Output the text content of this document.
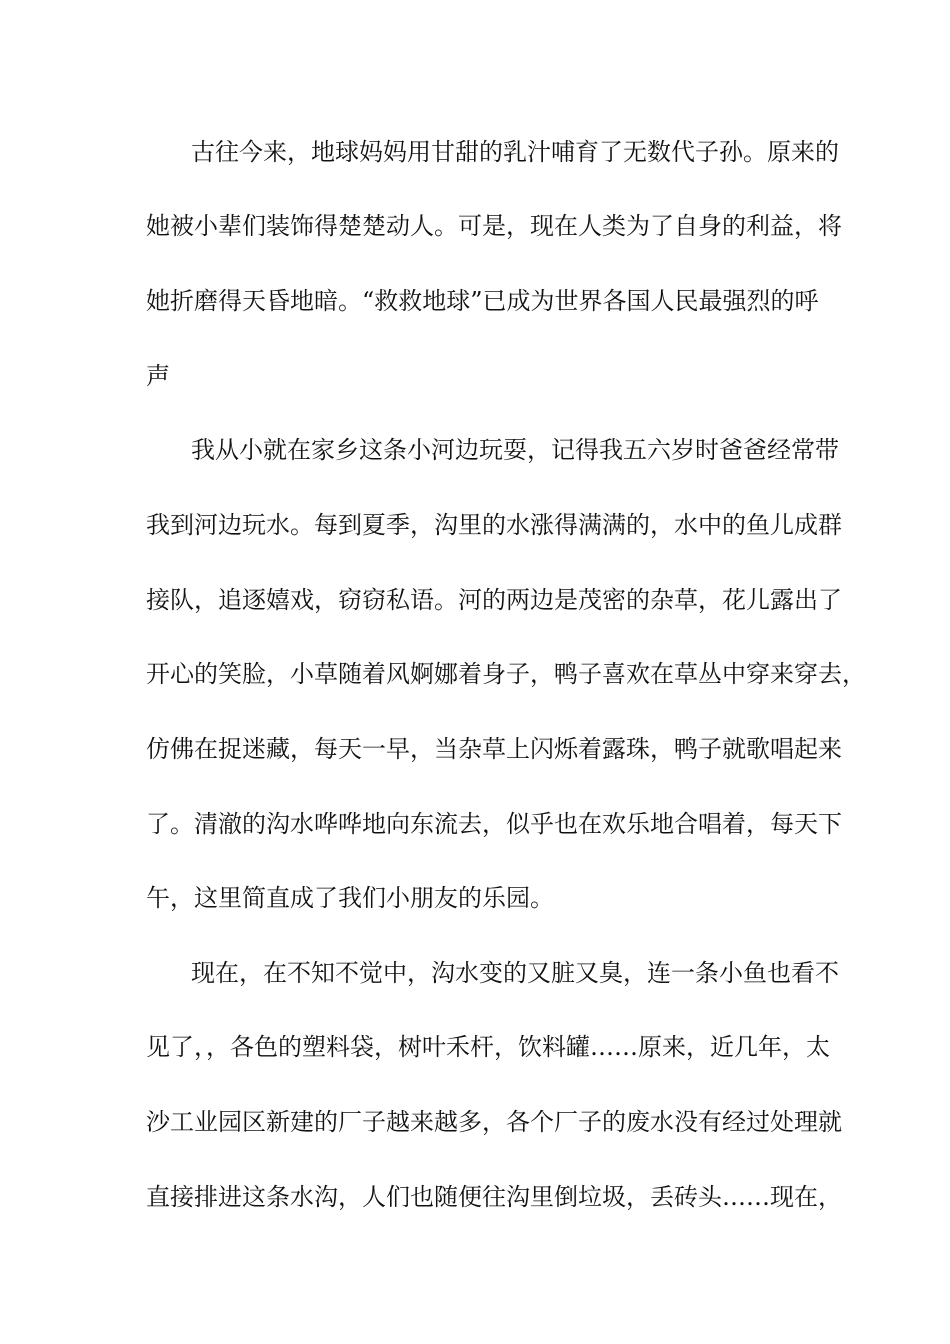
古往今来，地球妈妈用甘甜的乳汁哺育了无数代子孙。原来的
她被小辈们装饰得楚楚动人。可是，现在人类为了自身的利益，将
她折磨得天昏地暗。“救救地球”已成为世界各国人民最强烈的呼
声
我从小就在家乡这条小河边玩耍，记得我五六岁时爸爸经常带
我到河边玩水。每到夏季，沟里的水涨得满满的，水中的鱼儿成群
接队，追逐嬉戏，窃窃私语。河的两边是茂密的杂草，花儿露出了
开心的笑脸，小草随着风婀娜着身子，鸭子喜欢在草丛中穿来穿去，
仿佛在捉迷藏，每天一早，当杂草上闪烁着露珠，鸭子就歌唱起来
了。清澈的沟水哗哗地向东流去，似乎也在欢乐地合唱着，每天下
午，这里简直成了我们小朋友的乐园。
现在，在不知不觉中，沟水变的又脏又臭，连一条小鱼也看不
见了，，各色的塑料袋，树叶禾杆，饮料罐……原来，近几年，太
沙工业园区新建的厂子越来越多，各个厂子的废水没有经过处理就
直接排进这条水沟，人们也随便往沟里倒垃圾，丢砖头……现在，
